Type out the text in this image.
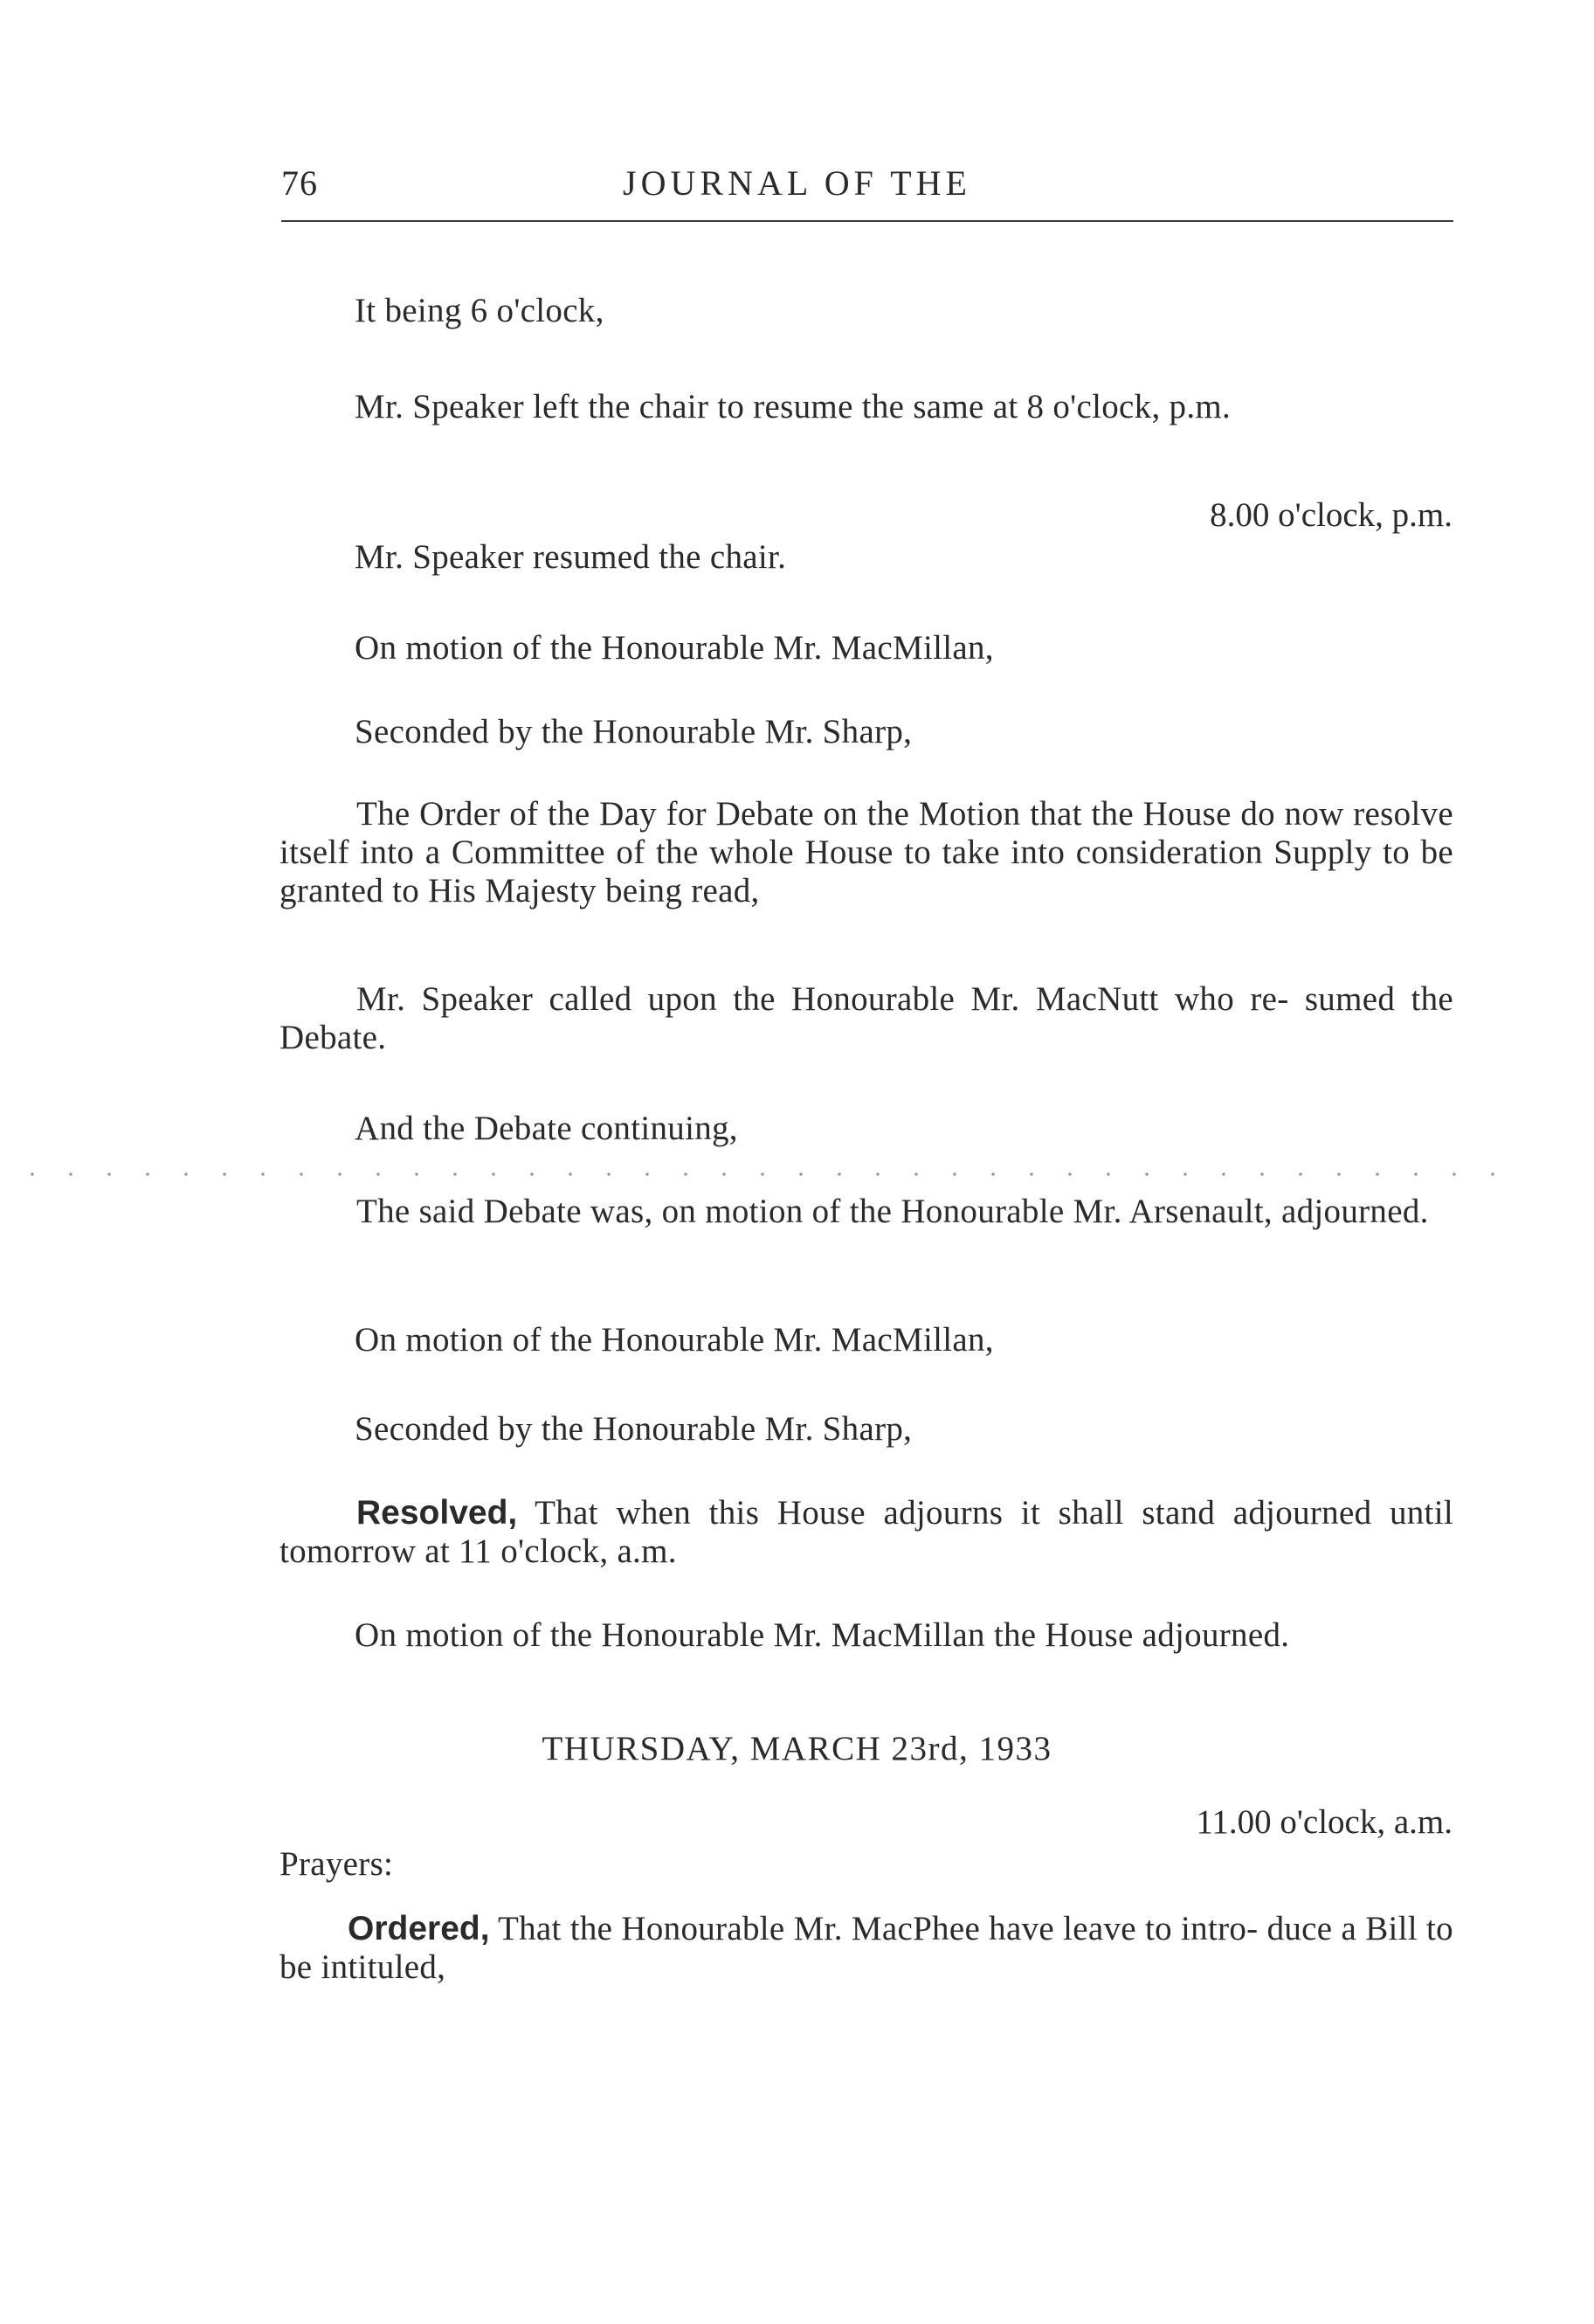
76	JOURNAL OF THE
It being 6 o'clock,
Mr. Speaker left the chair to resume the same at 8 o'clock, p.m.
8.00 o'clock, p.m.
Mr. Speaker resumed the chair.
On motion of the Honourable Mr. MacMillan,
Seconded by the Honourable Mr. Sharp,
The Order of the Day for Debate on the Motion that the House do now resolve itself into a Committee of the whole House to take into consideration Supply to be granted to His Majesty being read,
Mr. Speaker called upon the Honourable Mr. MacNutt who re- sumed the Debate.
And the Debate continuing,
The said Debate was, on motion of the Honourable Mr. Arsenault, adjourned.
On motion of the Honourable Mr. MacMillan,
Seconded by the Honourable Mr. Sharp,
Resolved, That when this House adjourns it shall stand adjourned until tomorrow at 11 o'clock, a.m.
On motion of the Honourable Mr. MacMillan the House adjourned.
THURSDAY, MARCH 23rd, 1933
11.00 o'clock, a.m.
Prayers:
Ordered, That the Honourable Mr. MacPhee have leave to intro- duce a Bill to be intituled,
